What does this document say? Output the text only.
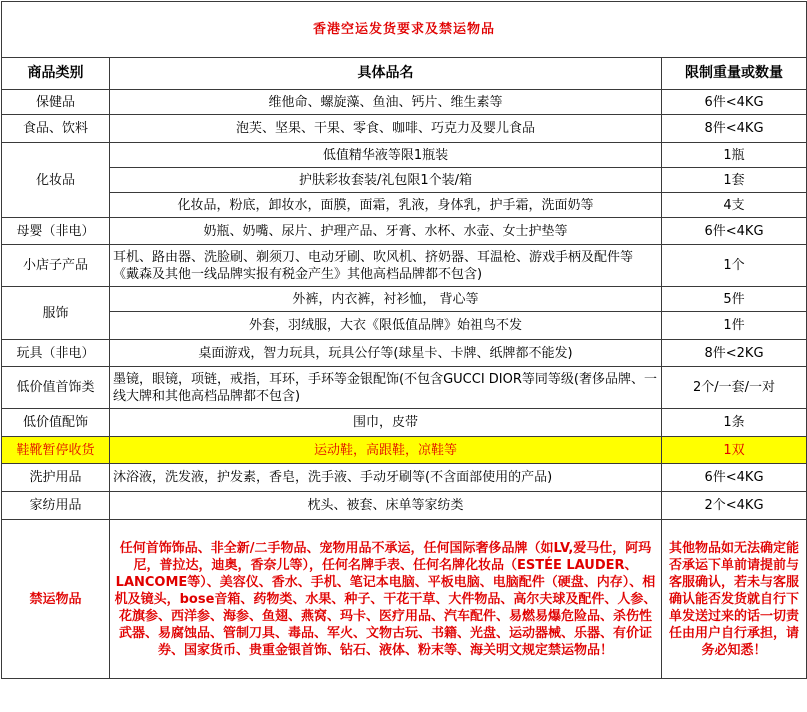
香港空运发货要求及禁运物品		
商品类别	具体品名	限制重量或数量
保健品	维他命、螺旋藻、鱼油、钙片、维生素等	6件<4KG
食品、饮料	泡芙、坚果、干果、零食、咖啡、巧克力及婴儿食品	8件<4KG
化妆品	低值精华液等限1瓶装	1瓶
	护肤彩妆套装/礼包限1个装/箱	1套
	化妆品，粉底，卸妆水，面膜，面霜，乳液，身体乳，护手霜，洗面奶等	4支
母婴（非电）	奶瓶、奶嘴、尿片、护理产品、牙膏、水杯、水壶、女士护垫等	6件<4KG
小店子产品	耳机、路由器、洗脸刷、剃须刀、电动牙刷、吹风机、挤奶器、耳温枪、游戏手柄及配件等《戴森及其他一线品牌实报有税金产生》其他高档品牌都不包含)	1个
服饰	外裤，内衣裤，衬衫恤， 背心等	5件
	外套，羽绒服，大衣《限低值品牌》始祖鸟不发	1件
玩具（非电）	桌面游戏，智力玩具，玩具公仔等(球星卡、卡牌、纸牌都不能发)	8件<2KG
低价值首饰类	墨镜，眼镜，项链，戒指，耳环，手环等金银配饰(不包含GUCCI DIOR等同等级(奢侈品牌、一线大牌和其他高档品牌都不包含)	2个/一套/一对
低价值配饰	围巾，皮带	1条
鞋靴暂停收货	运动鞋，高跟鞋，凉鞋等	1双
洗护用品	沐浴液，洗发液，护发素，香皂，洗手液、手动牙刷等(不含面部使用的产品)	6件<4KG
家纺用品	枕头、被套、床单等家纺类	2个<4KG
禁运物品	任何首饰饰品、非全新/二手物品、宠物用品不承运，任何国际奢侈品牌（如LV,爱马仕，阿玛尼，普拉达，迪奥，香奈儿等），任何名牌手表、任何名牌化妆品（ESTÉE LAUDER、LANCOME等）、美容仪、香水、手机、笔记本电脑、平板电脑、电脑配件（硬盘、内存）、相机及镜头，bose音箱、药物类、水果、种子、干花干草、大件物品、高尔夫球及配件、人参、花旗参、西洋参、海参、鱼翅、燕窝、玛卡、医疗用品、汽车配件、易燃易爆危险品、杀伤性武器、易腐蚀品、管制刀具、毒品、军火、文物古玩、书籍、光盘、运动器械、乐器、有价证券、国家货币、贵重金银首饰、钻石、液体、粉末等、海关明文规定禁运物品！	其他物品如无法确定能否承运下单前请提前与客服确认，若未与客服确认能否发货就自行下单发送过来的话一切责任由用户自行承担，请务必知悉！
